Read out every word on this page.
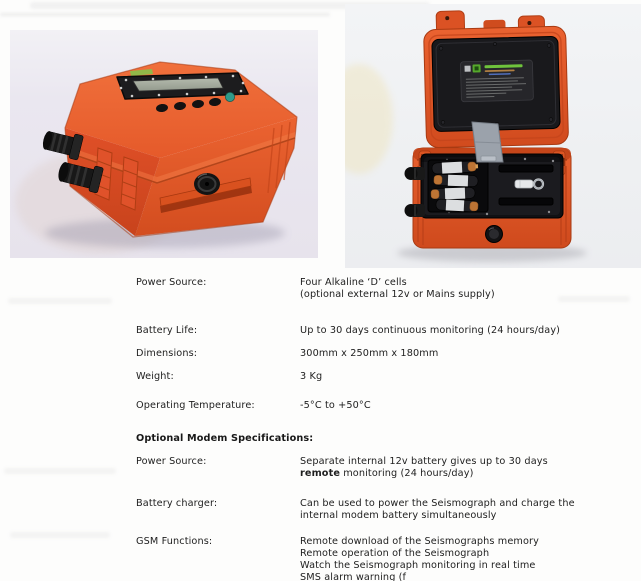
Power Source:	Four Alkaline ‘D’ cells
(optional external 12v or Mains supply)
Battery Life:	Up to 30 days continuous monitoring (24 hours/day)
Dimensions:	300mm x 250mm x 180mm
Weight:	3 Kg
Operating Temperature:	-5°C to +50°C
Optional Modem Specifications:
Power Source:	Separate internal 12v battery gives up to 30 days
remote monitoring (24 hours/day)
Battery charger:	Can be used to power the Seismograph and charge the
internal modem battery simultaneously
GSM Functions:	Remote download of the Seismographs memory
Remote operation of the Seismograph
Watch the Seismograph monitoring in real time
SMS alarm warning (f
